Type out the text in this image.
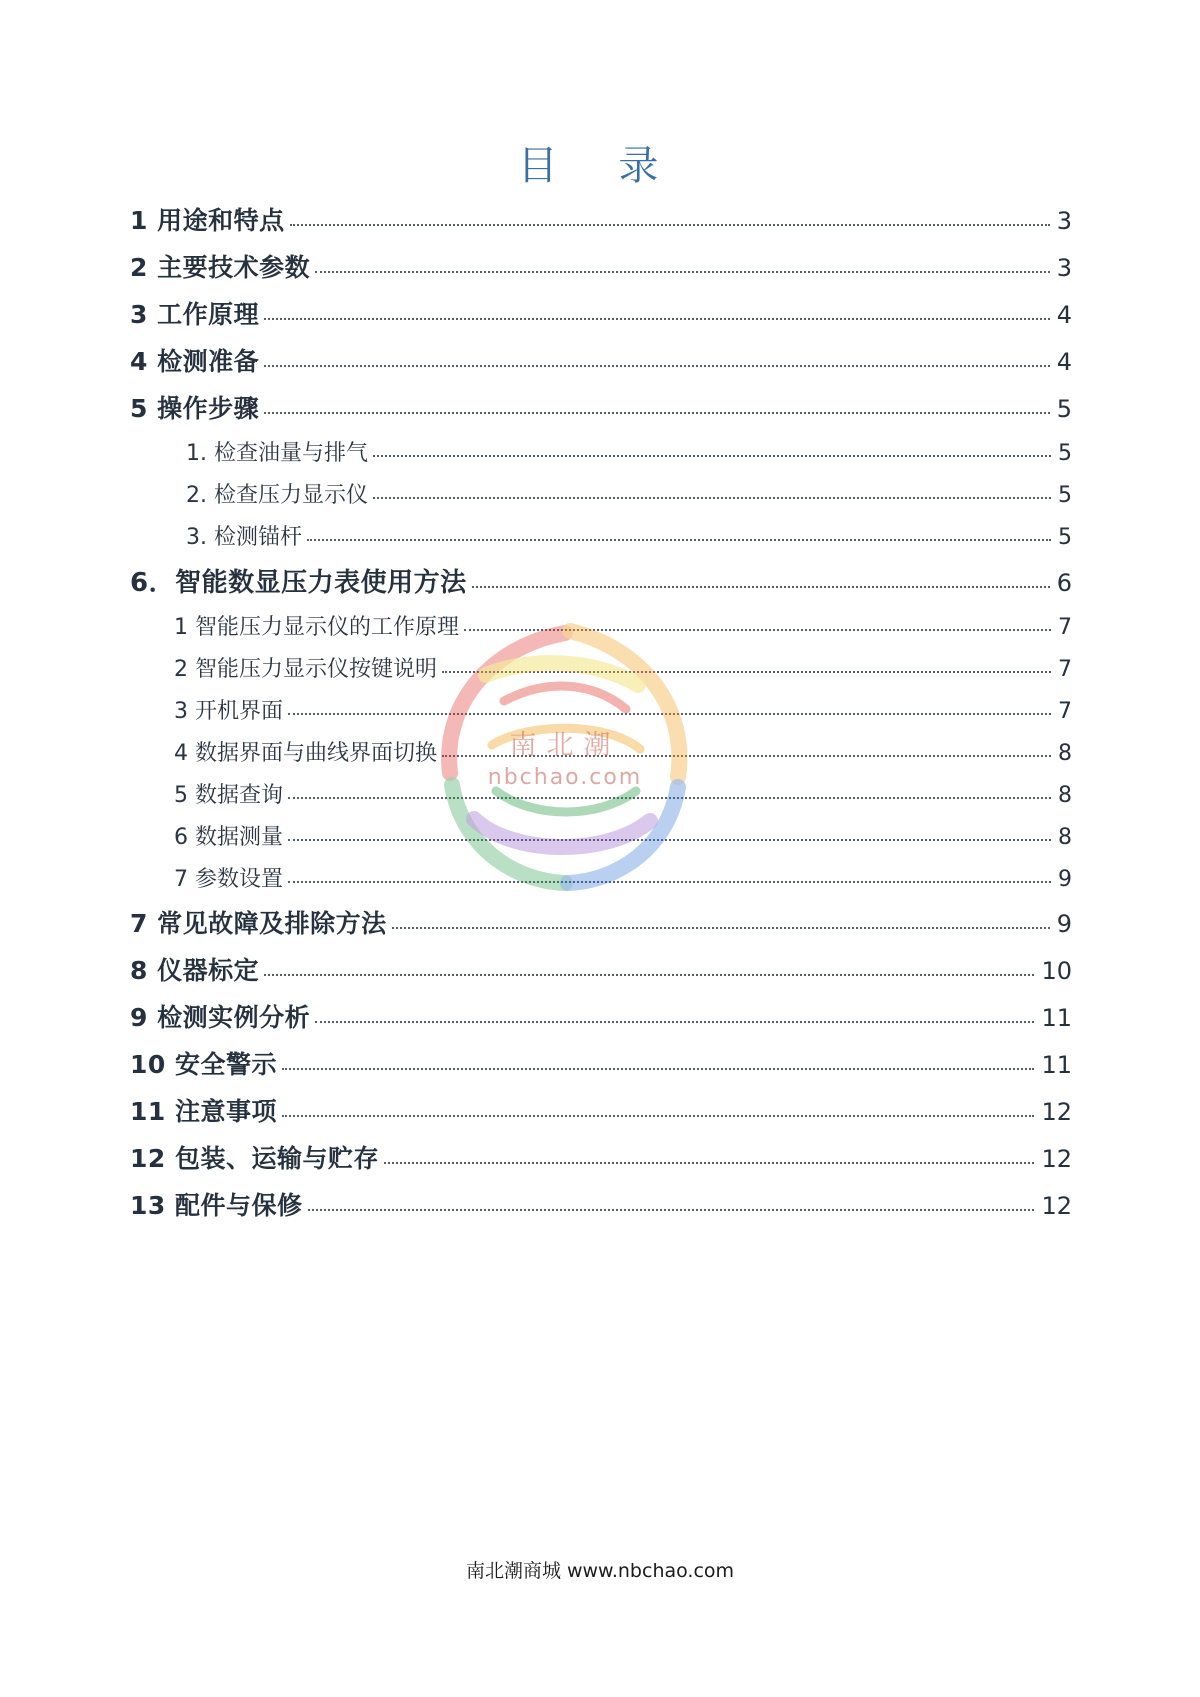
目 录
1 用途和特点	3
2 主要技术参数	3
3 工作原理	4
4 检测准备	4
5 操作步骤	5
1. 检查油量与排气	5
2. 检查压力显示仪	5
3. 检测锚杆	5
6．智能数显压力表使用方法	6
1 智能压力显示仪的工作原理	7
2 智能压力显示仪按键说明	7
3 开机界面	7
4 数据界面与曲线界面切换	8
5 数据查询	8
6 数据测量	8
7 参数设置	9
7 常见故障及排除方法	9
8 仪器标定	10
9 检测实例分析	11
10 安全警示	11
11 注意事项	12
12 包装、运输与贮存	12
13 配件与保修	12
南北潮
nbchao.com
南北潮商城 www.nbchao.com
